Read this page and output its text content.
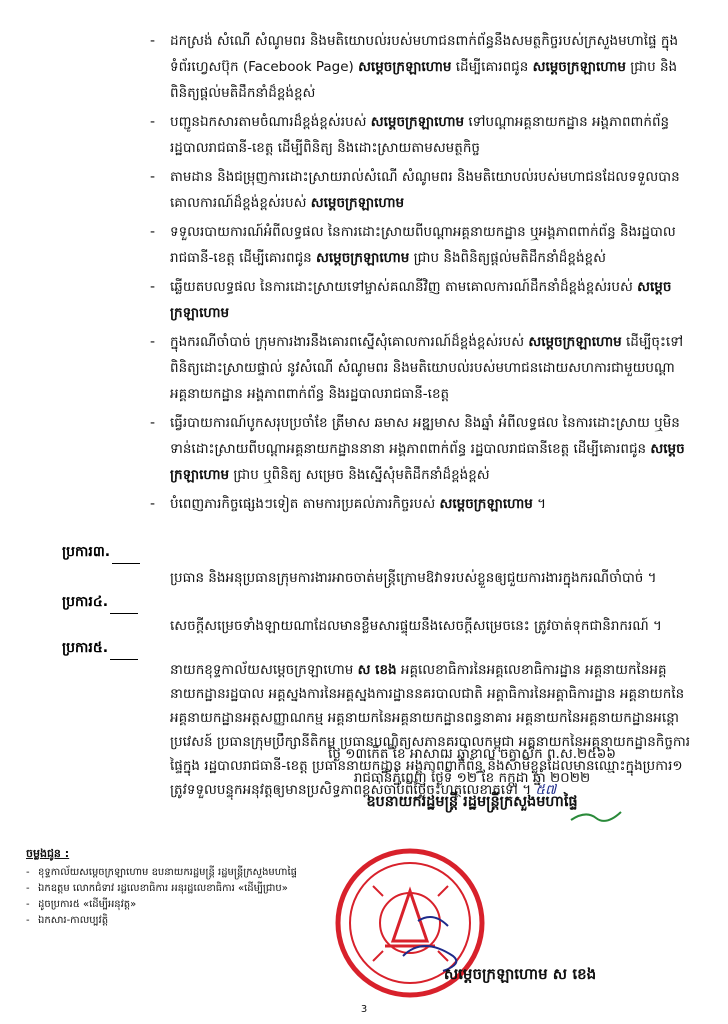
-	ដកស្រង់ សំណើ សំណូមពរ និងមតិយោបល់របស់មហាជនពាក់ព័ន្ធនឹងសមត្ថកិច្ចរបស់ក្រសួងមហាផ្ទៃ ក្នុងទំព័រហ្វេសប៊ុក (Facebook Page) សម្តេចក្រឡាហោម ដើម្បីគោរពជូន សម្តេចក្រឡាហោម ជ្រាប និងពិនិត្យផ្តល់មតិដឹកនាំដ៏ខ្ពង់ខ្ពស់
-	បញ្ជូនឯកសារតាមចំណារដ៏ខ្ពង់ខ្ពស់របស់ សម្តេចក្រឡាហោម ទៅបណ្តាអគ្គនាយកដ្ឋាន អង្គភាពពាក់ព័ន្ធ រដ្ឋបាលរាជធានី-ខេត្ត ដើម្បីពិនិត្យ និងដោះស្រាយតាមសមត្ថកិច្ច
-	តាមដាន និងជម្រុញការដោះស្រាយរាល់សំណើ សំណូមពរ និងមតិយោបល់របស់មហាជនដែលទទួលបានគោលការណ៍ដ៏ខ្ពង់ខ្ពស់របស់ សម្តេចក្រឡាហោម
-	ទទួលរបាយការណ៍អំពីលទ្ធផល នៃការដោះស្រាយពីបណ្តាអគ្គនាយកដ្ឋាន ឬអង្គភាពពាក់ព័ន្ធ និងរដ្ឋបាលរាជធានី-ខេត្ត ដើម្បីគោរពជូន សម្តេចក្រឡាហោម ជ្រាប និងពិនិត្យផ្តល់មតិដឹកនាំដ៏ខ្ពង់ខ្ពស់
-	ឆ្លើយតបលទ្ធផល នៃការដោះស្រាយទៅម្ចាស់គណនីវិញ តាមគោលការណ៍ដឹកនាំដ៏ខ្ពង់ខ្ពស់របស់ សម្តេចក្រឡាហោម
-	ក្នុងករណីចាំបាច់ ក្រុមការងារនឹងគោរពស្នើសុំគោលការណ៍ដ៏ខ្ពង់ខ្ពស់របស់ សម្តេចក្រឡាហោម ដើម្បីចុះទៅពិនិត្យដោះស្រាយផ្ទាល់ នូវសំណើ សំណូមពរ និងមតិយោបល់របស់មហាជនដោយសហការជាមួយបណ្តាអគ្គនាយកដ្ឋាន អង្គភាពពាក់ព័ន្ធ និងរដ្ឋបាលរាជធានី-ខេត្ត
-	ធ្វើរបាយការណ៍បូកសរុបប្រចាំខែ ត្រីមាស ឆមាស អឌ្ឍមាស និងឆ្នាំ អំពីលទ្ធផល នៃការដោះស្រាយ ឬមិនទាន់ដោះស្រាយពីបណ្តាអគ្គនាយកដ្ឋាននានា អង្គភាពពាក់ព័ន្ធ រដ្ឋបាលរាជធានីខេត្ត ដើម្បីគោរពជូន សម្តេចក្រឡាហោម ជ្រាប ឬពិនិត្យ សម្រេច និងស្នើសុំមតិដឹកនាំដ៏ខ្ពង់ខ្ពស់
-	បំពេញភារកិច្ចផ្សេងៗទៀត តាមការប្រគល់ភារកិច្ចរបស់ សម្តេចក្រឡាហោម ។
ប្រការ៣.
ប្រធាន និងអនុប្រធានក្រុមការងារអាចចាត់មន្ត្រីក្រោមឱវាទរបស់ខ្លួនឲ្យជួយការងារក្នុងករណីចាំបាច់ ។
ប្រការ៤.
សេចក្តីសម្រេចទាំងឡាយណាដែលមានខ្លឹមសារផ្ទុយនឹងសេចក្តីសម្រេចនេះ ត្រូវចាត់ទុកជានិរាករណ៍ ។
ប្រការ៥.
នាយកខុទ្ទកាល័យសម្តេចក្រឡាហោម ស ខេង អគ្គលេខាធិការនៃអគ្គលេខាធិការដ្ឋាន អគ្គនាយកនៃអគ្គនាយកដ្ឋានរដ្ឋបាល អគ្គស្នងការនៃអគ្គស្នងការដ្ឋាននគរបាលជាតិ អគ្គាធិការនៃអគ្គាធិការដ្ឋាន អគ្គនាយកនៃអគ្គនាយកដ្ឋានអត្តសញ្ញាណកម្ម អគ្គនាយកនៃអគ្គនាយកដ្ឋានពន្ធនាគារ អគ្គនាយកនៃអគ្គនាយកដ្ឋានអន្តោប្រវេសន៍ ប្រធានក្រុមប្រឹក្សានីតិកម្ម ប្រធានបណ្ឌិត្យសភានគរបាលកម្ពុជា អគ្គនាយកនៃអគ្គនាយកដ្ឋានកិច្ចការផ្ទៃក្នុង រដ្ឋបាលរាជធានី-ខេត្ត ប្រធាននាយកដ្ឋាន អង្គភាពពាក់ព័ន្ធ និងសាមីខ្លួនដែលមានឈ្មោះក្នុងប្រការ១ ត្រូវទទួលបន្ទុកអនុវត្តឲ្យមានប្រសិទ្ធភាពខ្ពស់ចាប់ពីថ្ងៃចុះហត្ថលេខាតទៅ ។ ៥៧
ថ្ងៃ ១៣កើត ខែ អាសាឍ ឆ្នាំខាល ចត្វាស័ក ព.ស.២៥៦៦
រាជធានីភ្នំពេញ ថ្ងៃទី ១២ ខែ កក្កដា ឆ្នាំ ២០២២
ឧបនាយករដ្ឋមន្ត្រី រដ្ឋមន្ត្រីក្រសួងមហាផ្ទៃ
ចម្លងជូន :
- ខុទ្ទកាល័យសម្តេចក្រឡាហោម ឧបនាយករដ្ឋមន្ត្រី រដ្ឋមន្ត្រីក្រសួងមហាផ្ទៃ
- ឯកឧត្តម លោកជំទាវ រដ្ឋលេខាធិការ អនុរដ្ឋលេខាធិការ «ដើម្បីជ្រាប»
- ដូចប្រការ៥ «ដើម្បីអនុវត្ត»
- ឯកសារ-កាលប្បវត្តិ
សម្តេចក្រឡាហោម ស ខេង
3
